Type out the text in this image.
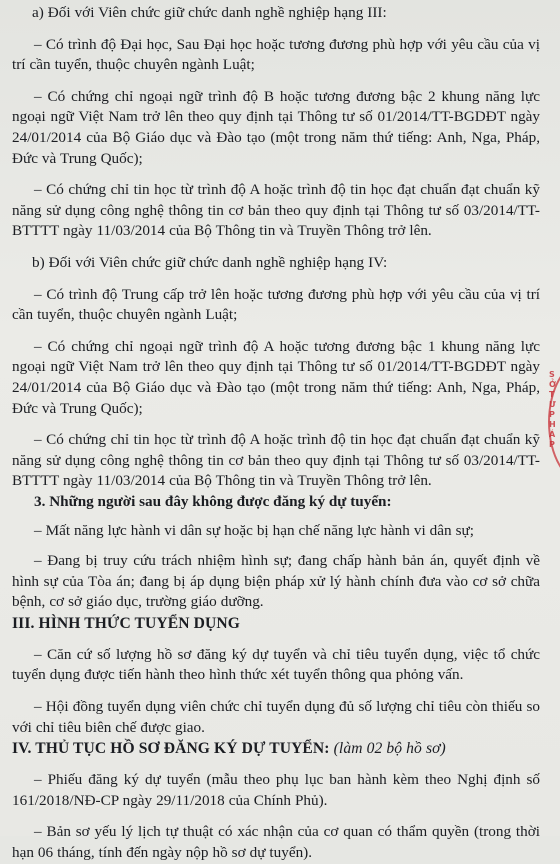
a) Đối với Viên chức giữ chức danh nghề nghiệp hạng III:

– Có trình độ Đại học, Sau Đại học hoặc tương đương phù hợp với yêu cầu của vị trí cần tuyển, thuộc chuyên ngành Luật;

– Có chứng chỉ ngoại ngữ trình độ B hoặc tương đương bậc 2 khung năng lực ngoại ngữ Việt Nam trở lên theo quy định tại Thông tư số 01/2014/TT-BGDĐT ngày 24/01/2014 của Bộ Giáo dục và Đào tạo (một trong năm thứ tiếng: Anh, Nga, Pháp, Đức và Trung Quốc);

– Có chứng chỉ tin học từ trình độ A hoặc trình độ tin học đạt chuẩn đạt chuẩn kỹ năng sử dụng công nghệ thông tin cơ bản theo quy định tại Thông tư số 03/2014/TT-BTTTT ngày 11/03/2014 của Bộ Thông tin và Truyền Thông trở lên.

b) Đối với Viên chức giữ chức danh nghề nghiệp hạng IV:

– Có trình độ Trung cấp trở lên hoặc tương đương phù hợp với yêu cầu của vị trí cần tuyển, thuộc chuyên ngành Luật;

– Có chứng chỉ ngoại ngữ trình độ A hoặc tương đương bậc 1 khung năng lực ngoại ngữ Việt Nam trở lên theo quy định tại Thông tư số 01/2014/TT-BGDĐT ngày 24/01/2014 của Bộ Giáo dục và Đào tạo (một trong năm thứ tiếng: Anh, Nga, Pháp, Đức và Trung Quốc);

– Có chứng chỉ tin học từ trình độ A hoặc trình độ tin học đạt chuẩn đạt chuẩn kỹ năng sử dụng công nghệ thông tin cơ bản theo quy định tại Thông tư số 03/2014/TT-BTTTT ngày 11/03/2014 của Bộ Thông tin và Truyền Thông trở lên.

3. Những người sau đây không được đăng ký dự tuyển:

– Mất năng lực hành vi dân sự hoặc bị hạn chế năng lực hành vi dân sự;

– Đang bị truy cứu trách nhiệm hình sự; đang chấp hành bản án, quyết định về hình sự của Tòa án; đang bị áp dụng biện pháp xử lý hành chính đưa vào cơ sở chữa bệnh, cơ sở giáo dục, trường giáo dưỡng.

III. HÌNH THỨC TUYỂN DỤNG

– Căn cứ số lượng hồ sơ đăng ký dự tuyển và chỉ tiêu tuyển dụng, việc tổ chức tuyển dụng được tiến hành theo hình thức xét tuyển thông qua phỏng vấn.

– Hội đồng tuyển dụng viên chức chỉ tuyển dụng đủ số lượng chỉ tiêu còn thiếu so với chỉ tiêu biên chế được giao.

IV. THỦ TỤC HỒ SƠ ĐĂNG KÝ DỰ TUYỂN: (làm 02 bộ hồ sơ)

– Phiếu đăng ký dự tuyển (mẫu theo phụ lục ban hành kèm theo Nghị định số 161/2018/NĐ-CP ngày 29/11/2018 của Chính Phủ).

– Bản sơ yếu lý lịch tự thuật có xác nhận của cơ quan có thẩm quyền (trong thời hạn 06 tháng, tính đến ngày nộp hồ sơ dự tuyển).

SỞ TƯ PHÁP
